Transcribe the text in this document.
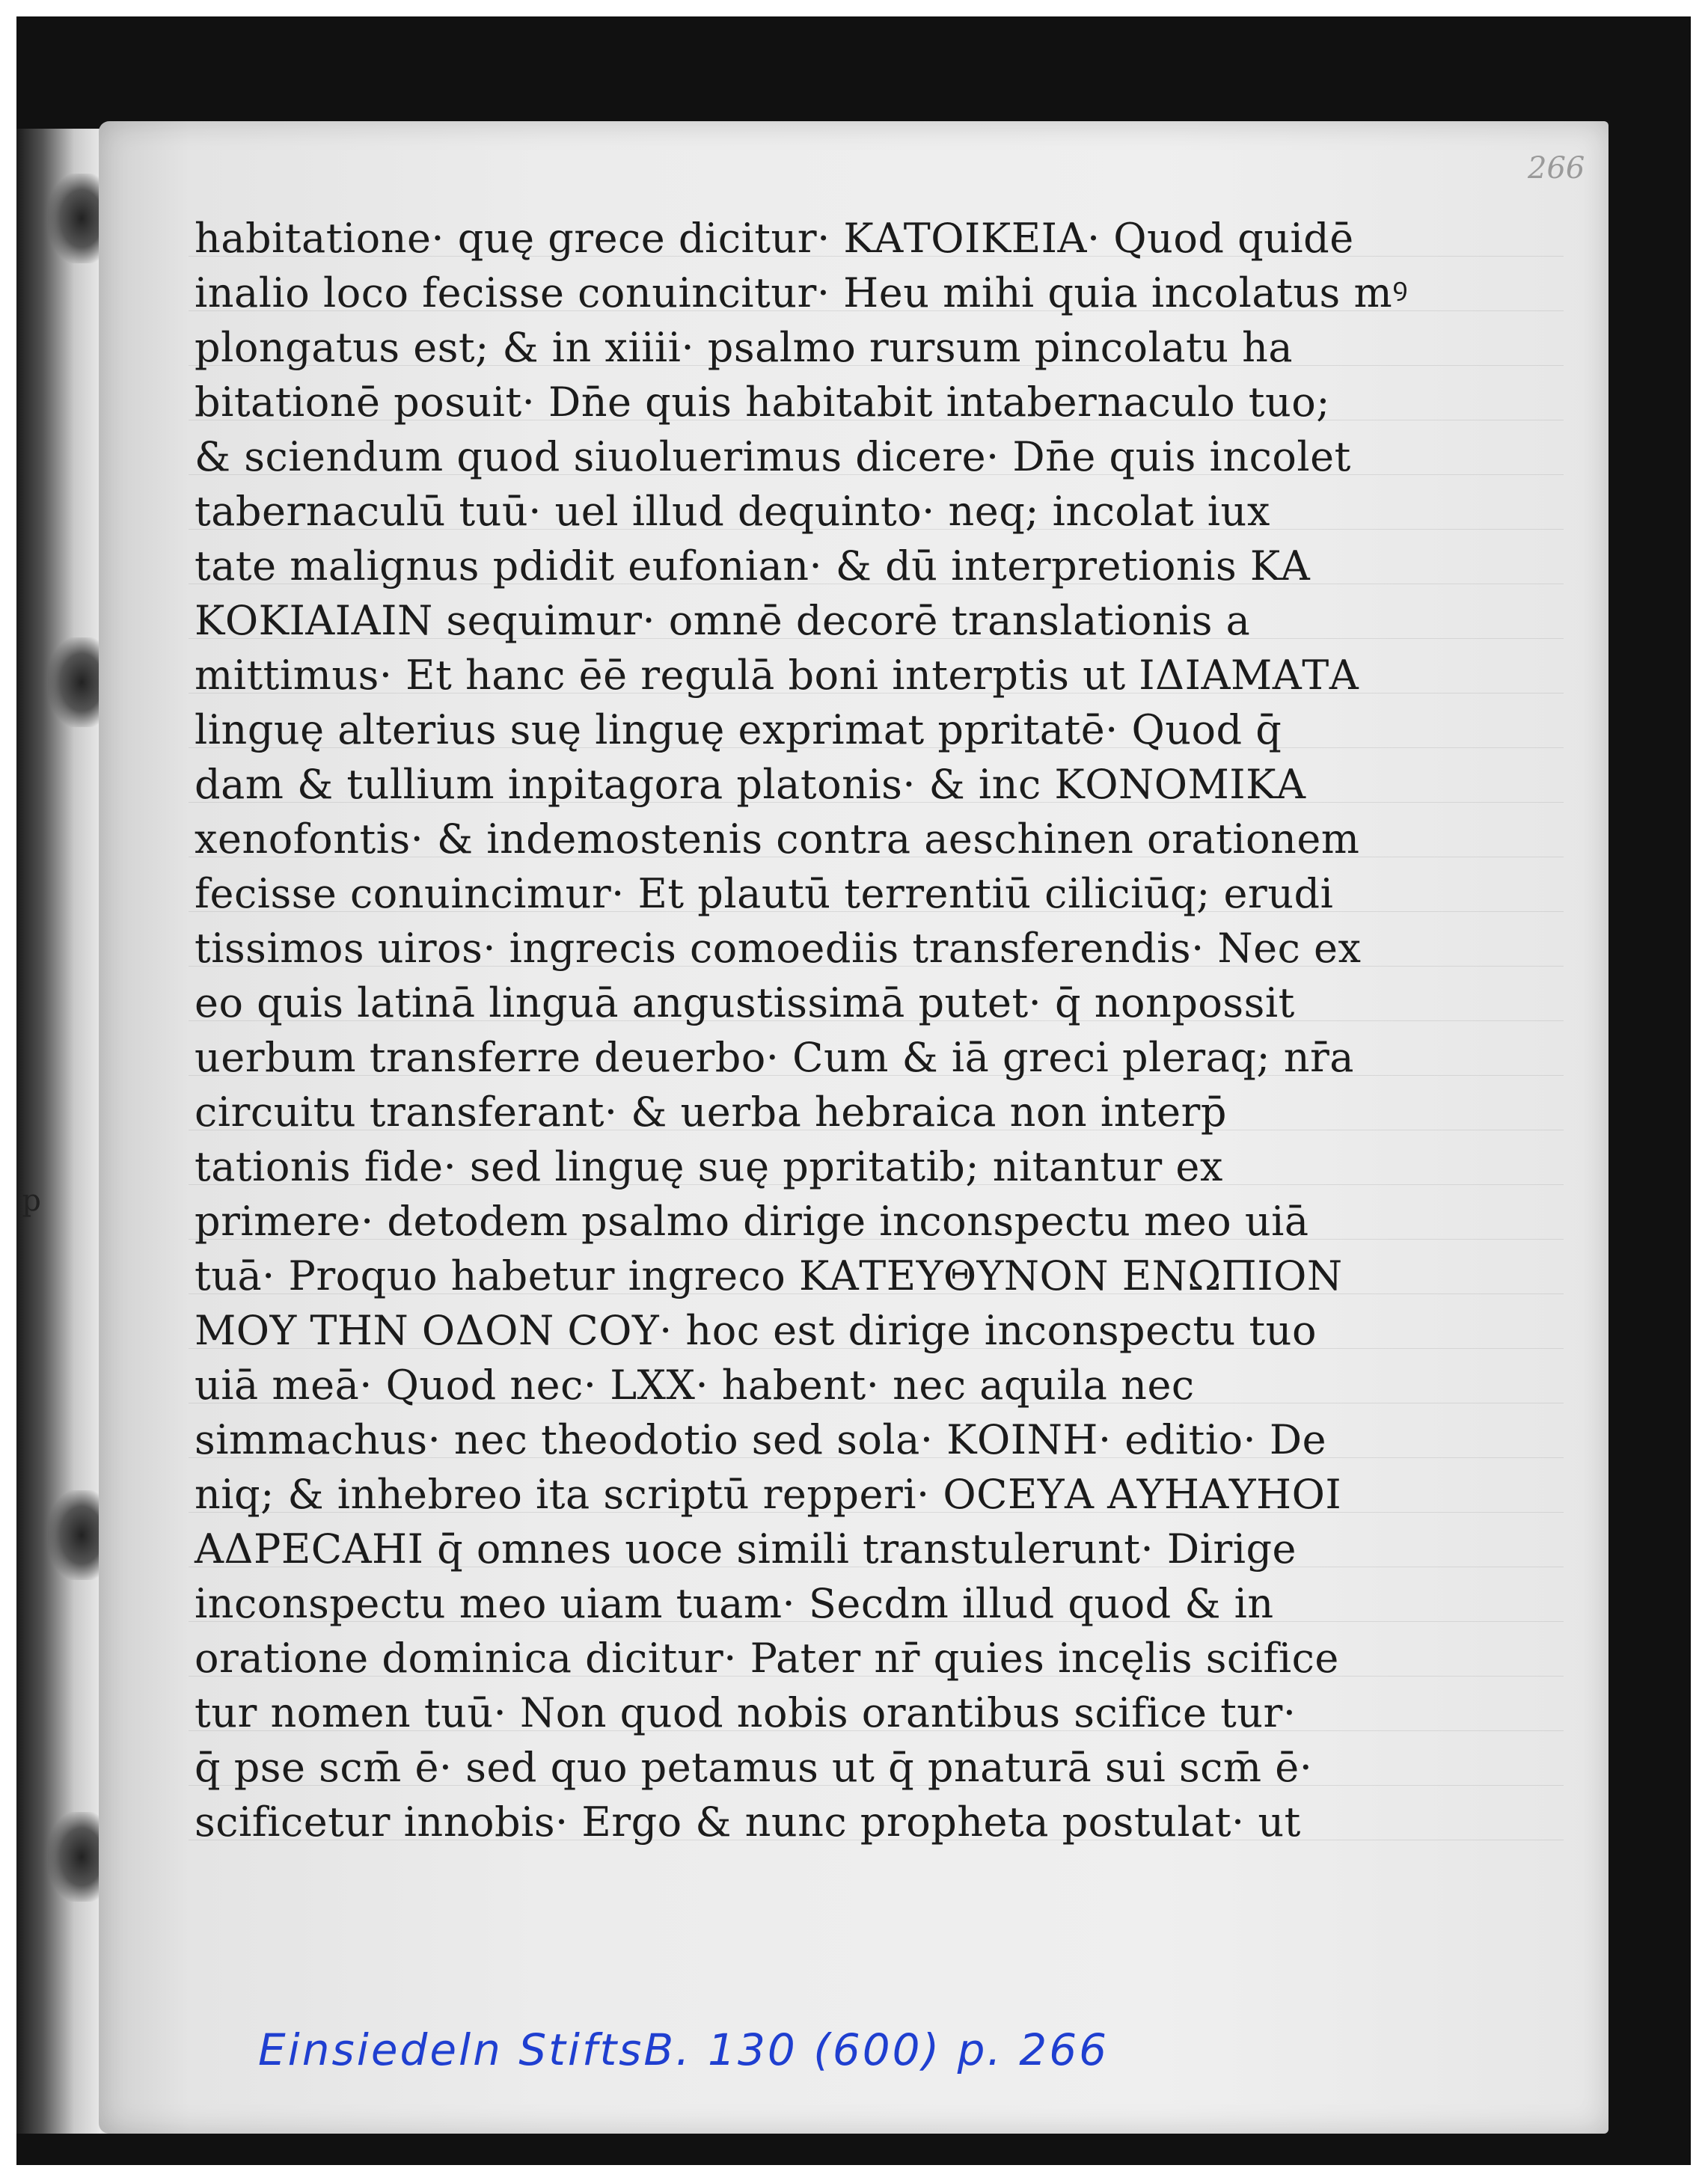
p
266
habitatione· quę grece dicitur· ΚΑΤΟΙΚΕΙΑ· Quod quidē
inalio loco fecisse conuincitur· Heu mihi quia incolatus mꝰ
plongatus est; & in xiiii· psalmo rursum pincolatu ha
bitationē posuit· Dn̄e quis habitabit intabernaculo tuo;
& sciendum quod siuoluerimus dicere· Dn̄e quis incolet
tabernaculū tuū· uel illud dequinto· neq; incolat iux
tate malignus pdidit eufonian· & dū interpretionis ΚΑ
ΚΟΚΙΑΙΑΙΝ sequimur· omnē decorē translationis a
mittimus· Et hanc ēē regulā boni interptis ut ΙΔΙΑΜΑΤΑ
linguę alterius suę linguę exprimat ppritatē· Quod q̄
dam & tullium inpitagora platonis· & inc ΚΟΝΟΜΙΚΑ
xenofontis· & indemostenis contra aeschinen orationem
fecisse conuincimur· Et plautū terrentiū ciliciūq; erudi
tissimos uiros· ingrecis comoediis transferendis· Nec ex
eo quis latinā linguā angustissimā putet· q̄ nonpossit
uerbum transferre deuerbo· Cum & iā greci pleraq; nr̄a
circuitu transferant· & uerba hebraica non interp̄
tationis fide· sed linguę suę ppritatib; nitantur ex
primere· detodem psalmo dirige inconspectu meo uiā
tuā· Proquo habetur ingreco ΚΑΤΕΥΘΥΝΟΝ ΕΝΩΠΙΟΝ
ΜΟΥ ΤΗΝ ΟΔΟΝ ϹΟΥ· hoc est dirige inconspectu tuo
uiā meā· Quod nec· LXX· habent· nec aquila nec
simmachus· nec theodotio sed sola· ΚΟΙΝΗ· editio· De
niq; & inhebreo ita scriptū repperi· ΟϹΕΥΑ ΑΥΗΑΥΗΟΙ
ΑΔΡΕϹΑΗΙ q̄ omnes uoce simili transtulerunt· Dirige
inconspectu meo uiam tuam· Secdm illud quod & in
oratione dominica dicitur· Pater nr̄ quies incęlis scifice
tur nomen tuū· Non quod nobis orantibus scifice tur·
q̄ pse scm̄ ē· sed quo petamus ut q̄ pnaturā sui scm̄ ē·
scificetur innobis· Ergo & nunc propheta postulat· ut
Einsiedeln StiftsB. 130 (600) p. 266
